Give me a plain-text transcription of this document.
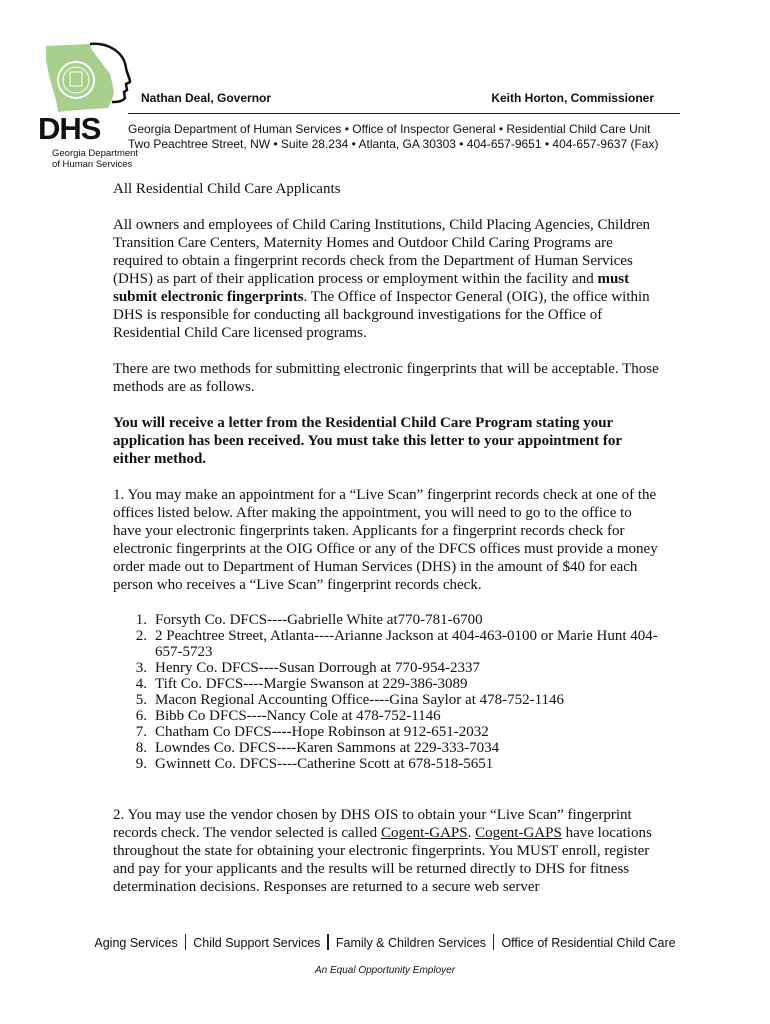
DHS
Georgia Department
of Human Services
Nathan Deal, Governor	Keith Horton, Commissioner
Georgia Department of Human Services • Office of Inspector General • Residential Child Care Unit
Two Peachtree Street, NW • Suite 28.234 • Atlanta, GA 30303 • 404-657-9651 • 404-657-9637 (Fax)

All Residential Child Care Applicants

All owners and employees of Child Caring Institutions, Child Placing Agencies, Children Transition Care Centers, Maternity Homes and Outdoor Child Caring Programs are required to obtain a fingerprint records check from the Department of Human Services (DHS) as part of their application process or employment within the facility and must submit electronic fingerprints. The Office of Inspector General (OIG), the office within DHS is responsible for conducting all background investigations for the Office of Residential Child Care licensed programs.

There are two methods for submitting electronic fingerprints that will be acceptable. Those methods are as follows.

You will receive a letter from the Residential Child Care Program stating your application has been received. You must take this letter to your appointment for either method.

1. You may make an appointment for a “Live Scan” fingerprint records check at one of the offices listed below. After making the appointment, you will need to go to the office to have your electronic fingerprints taken. Applicants for a fingerprint records check for electronic fingerprints at the OIG Office or any of the DFCS offices must provide a money order made out to Department of Human Services (DHS) in the amount of $40 for each person who receives a “Live Scan” fingerprint records check.

1. Forsyth Co. DFCS----Gabrielle White at770-781-6700
2. 2 Peachtree Street, Atlanta----Arianne Jackson at 404-463-0100 or Marie Hunt 404-657-5723
3. Henry Co. DFCS----Susan Dorrough at 770-954-2337
4. Tift Co. DFCS----Margie Swanson at 229-386-3089
5. Macon Regional Accounting Office----Gina Saylor at 478-752-1146
6. Bibb Co DFCS----Nancy Cole at 478-752-1146
7. Chatham Co DFCS----Hope Robinson at 912-651-2032
8. Lowndes Co. DFCS----Karen Sammons at 229-333-7034
9. Gwinnett Co. DFCS----Catherine Scott at 678-518-5651

2. You may use the vendor chosen by DHS OIS to obtain your “Live Scan” fingerprint records check. The vendor selected is called Cogent-GAPS. Cogent-GAPS have locations throughout the state for obtaining your electronic fingerprints. You MUST enroll, register and pay for your applicants and the results will be returned directly to DHS for fitness determination decisions. Responses are returned to a secure web server

Aging Services Child Support Services Family & Children Services Office of Residential Child Care
An Equal Opportunity Employer
